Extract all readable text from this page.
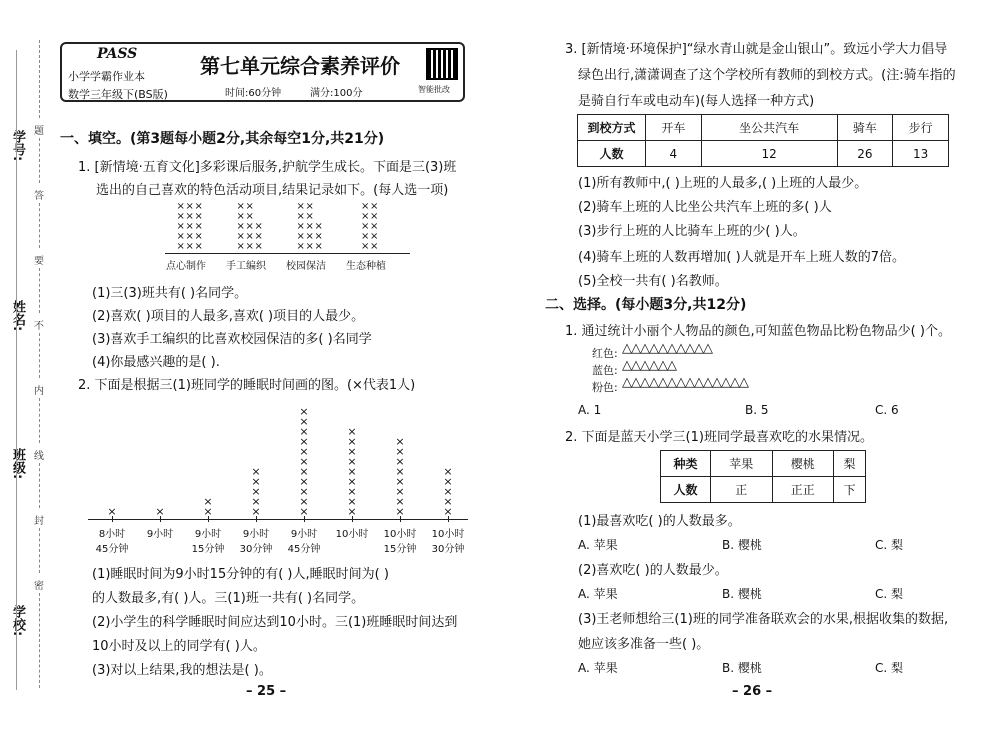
学号:
姓名:
班级:
学校:
题
答
要
不
内
线
封
密
PASS
小学学霸作业本
数学三年级下(BS版)
第七单元综合素养评价
时间:60分钟	满分:100分	智能批改
一、填空。(第3题每小题2分,其余每空1分,共21分)
1. [新情境·五育文化]多彩课后服务,护航学生成长。下面是三(3)班
选出的自己喜欢的特色活动项目,结果记录如下。(每人选一项)
×
×
×
×
×
×
×
×
×
×
×
×
×
×
×
×
×
×
×
×
×
×
×
×
×
×
×
×
×
×
×
×
×
×
×
×
×
×
×
×
×
×
×
×
×
×
×
×
×
×
×
点心制作 手工编织 校园保洁 生态种植
(1)三(3)班共有( )名同学。
(2)喜欢( )项目的人最多,喜欢( )项目的人最少。
(3)喜欢手工编织的比喜欢校园保洁的多( )名同学
(4)你最感兴趣的是( ).
2. 下面是根据三(1)班同学的睡眠时间画的图。(×代表1人)
×	×	×
×
×
×
×
×
×
×
×
×
×
×
×
×
×
×
×
×
×
×
×
×
×
×
×
×
×
×
×
×
×
×
×
×
×
×
×
×
×
×
8小时
45分钟
9小时	9小时
15分钟
9小时
30分钟
9小时
45分钟
10小时	10小时
15分钟
10小时
30分钟
(1)睡眠时间为9小时15分钟的有( )人,睡眠时间为( )
的人数最多,有( )人。三(1)班一共有( )名同学。
(2)小学生的科学睡眠时间应达到10小时。三(1)班睡眠时间达到
10小时及以上的同学有( )人。
(3)对以上结果,我的想法是( )。
– 25 –
3. [新情境·环境保护]“绿水青山就是金山银山”。致远小学大力倡导
绿色出行,潇潇调查了这个学校所有教师的到校方式。(注:骑车指的
是骑自行车或电动车)(每人选择一种方式)
到校方式	开车	坐公共汽车	骑车	步行
人数	4	12	26	13
(1)所有教师中,( )上班的人最多,( )上班的人最少。
(2)骑车上班的人比坐公共汽车上班的多( )人
(3)步行上班的人比骑车上班的少( )人。
(4)骑车上班的人数再增加( )人就是开车上班人数的7倍。
(5)全校一共有( )名教师。
二、选择。(每小题3分,共12分)
1. 通过统计小丽个人物品的颜色,可知蓝色物品比粉色物品少( )个。
红色: △△△△△△△△△△
蓝色: △△△△△△
粉色: △△△△△△△△△△△△△△
A. 1	B. 5	C. 6
2. 下面是蓝天小学三(1)班同学最喜欢吃的水果情况。
种类	苹果	樱桃	梨
人数	正	正正	下
(1)最喜欢吃( )的人数最多。
A. 苹果	B. 樱桃	C. 梨
(2)喜欢吃( )的人数最少。
A. 苹果	B. 樱桃	C. 梨
(3)王老师想给三(1)班的同学准备联欢会的水果,根据收集的数据,
她应该多准备一些( )。
A. 苹果	B. 樱桃	C. 梨
– 26 –
